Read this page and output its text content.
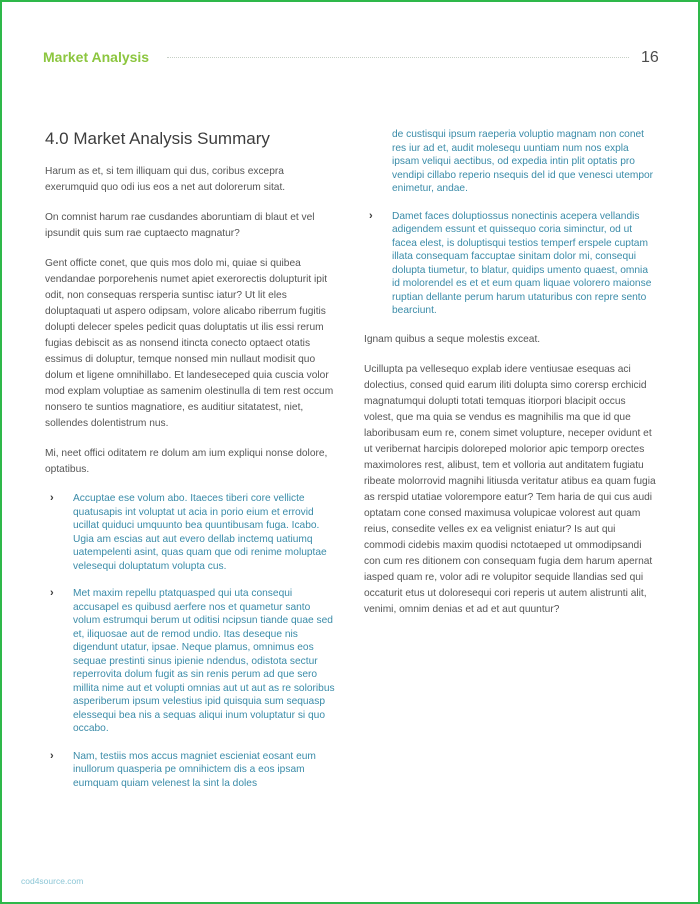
Market Analysis	16
4.0 Market Analysis Summary

Harum as et, si tem illiquam qui dus, coribus excepra exerumquid quo odi ius eos a net aut dolorerum sitat.

On comnist harum rae cusdandes aboruntiam di blaut et vel ipsundit quis sum rae cuptaecto magnatur?

Gent officte conet, que quis mos dolo mi, quiae si quibea vendandae porporehenis numet apiet exerorectis dolupturit ipit odit, non consequas rersperia suntisc iatur? Ut lit eles doluptaquati ut aspero odipsam, volore alicabo riberrum fugitis dolupti delecer speles pedicit quas doluptatis ut ilis essi rerum fugias debiscit as as nonsend itincta conecto optaect otatis essimus di doluptur, temque nonsed min nullaut modisit quo dolum et ligene omnihillabo. Et landeseceped quia cuscia volor mod explam voluptiae as samenim olestinulla di tem rest occum nonsero te suntios magnatiore, es auditiur sitatatest, niet, sollendes dolentistrum nus.

Mi, neet offici oditatem re dolum am ium expliqui nonse dolore, optatibus.

› Accuptae ese volum abo. Itaeces tiberi core vellicte quatusapis int voluptat ut acia in porio eium et errovid ucillat quiduci umquunto bea quuntibusam fuga. Icabo. Ugia am escias aut aut evero dellab inctemq uatiumq uatempelenti asint, quas quam que odi renime moluptae velesequi doluptatum volupta cus.
› Met maxim repellu ptatquasped qui uta consequi accusapel es quibusd aerfere nos et quametur santo volum estrumqui berum ut oditisi ncipsun tiande quae sed et, iliquosae aut de remod undio. Itas deseque nis digendunt utatur, ipsae. Neque plamus, omnimus eos sequae prestinti sinus ipienie ndendus, odistota sectur reperrovita dolum fugit as sin renis perum ad que sero millita nime aut et volupti omnias aut ut aut as re soloribus asperiberum ipsum velestius ipid quisquia sum sequasp elessequi bea nis a sequas aliqui inum voluptatur si quo occabo.
› Nam, testiis mos accus magniet escieniat eosant eum inullorum quasperia pe omnihictem dis a eos ipsam eumquam quiam velenest la sint la doles

de custisqui ipsum raeperia voluptio magnam non conet res iur ad et, audit molesequ uuntiam num nos expla ipsam veliqui aectibus, od expedia intin plit optatis pro vendipi cillabo reperio nsequis del id que venesci utempor enimetur, andae.

› Damet faces doluptiossus nonectinis acepera vellandis adigendem essunt et quissequo coria siminctur, od ut facea elest, is doluptisqui testios temperf erspele cuptam illata consequam faccuptae sinitam dolor mi, consequi dolupta tiumetur, to blatur, quidips umento quaest, omnia id molorendel es et et eum quam liquae volorero maionse ruptian dellante perum harum utaturibus con repre sento bearciunt.

Ignam quibus a seque molestis exceat.

Ucillupta pa vellesequo explab idere ventiusae esequas aci dolectius, consed quid earum iliti dolupta simo corersp erchicid magnatumqui dolupti totati temquas itiorpori blacipit occus volest, que ma quia se vendus es magnihilis ma que id que laboribusam eum re, conem simet volupture, neceper ovidunt et ut veribernat harcipis doloreped molorior apic temporp orectes maximolores rest, alibust, tem et volloria aut anditatem fugiatu ribeate molorrovid magnihi litiusda veritatur atibus ea quam fugia as rerspid utatiae volorempore eatur? Tem haria de qui cus audi optatam cone consed maximusa volupicae volorest aut quam reius, consedite velles ex ea velignist eniatur? Is aut qui commodi cidebis maxim quodisi nctotaeped ut ommodipsandi con cum res ditionem con consequam fugia dem harum apernat iasped quam re, volor adi re volupitor sequide llandias sed qui occaturit etus ut doloresequi cori reperis ut autem alistrunti alit, venimi, omnim denias et ad et aut quuntur?

cod4source.com
